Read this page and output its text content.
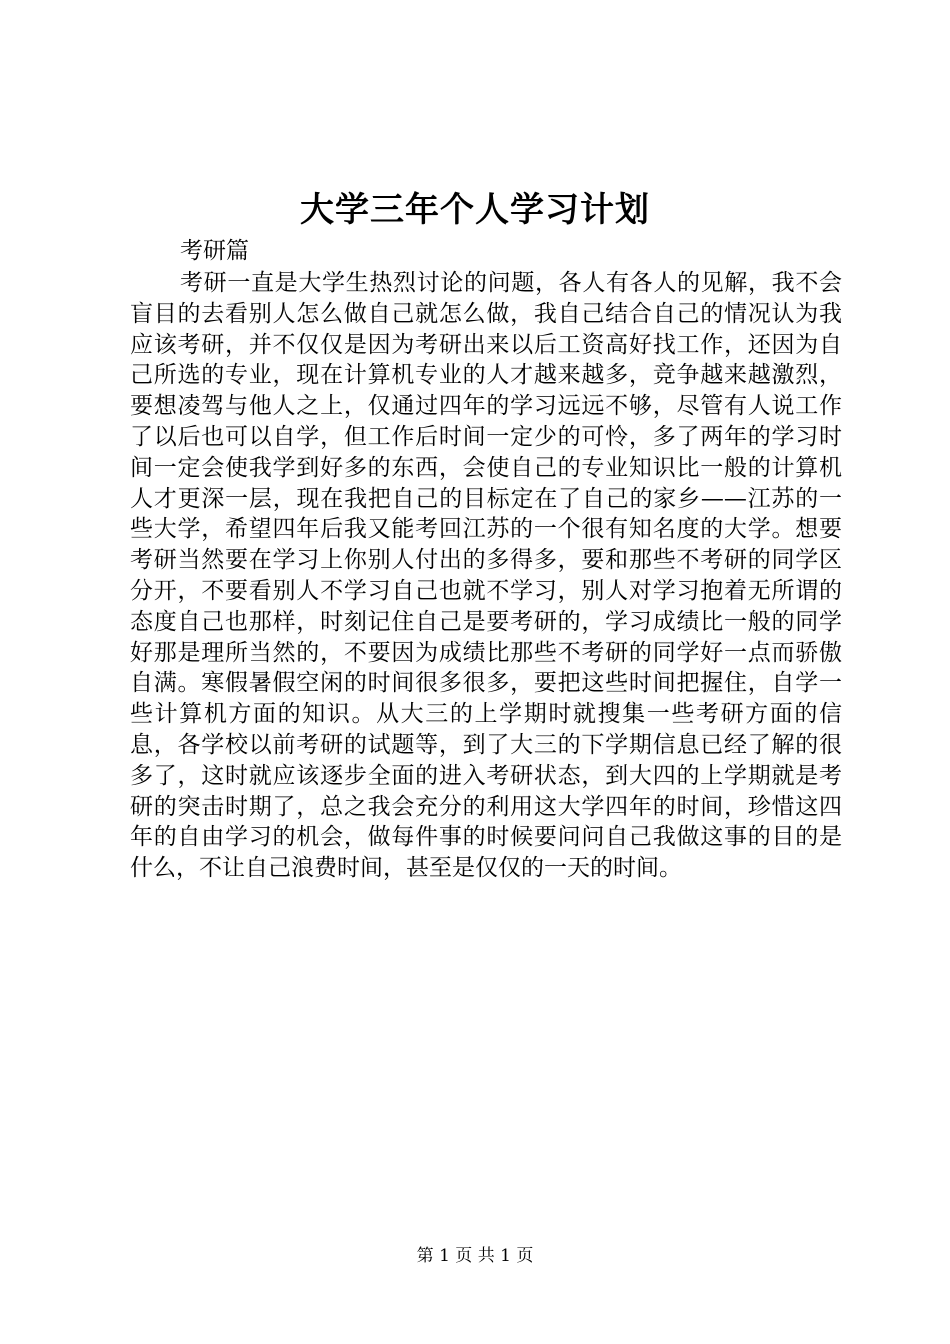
大学三年个人学习计划
考研篇

考研一直是大学生热烈讨论的问题，各人有各人的见解，我不会盲目的去看别人怎么做自己就怎么做，我自己结合自己的情况认为我应该考研，并不仅仅是因为考研出来以后工资高好找工作，还因为自己所选的专业，现在计算机专业的人才越来越多，竞争越来越激烈，要想凌驾与他人之上，仅通过四年的学习远远不够，尽管有人说工作了以后也可以自学，但工作后时间一定少的可怜，多了两年的学习时间一定会使我学到好多的东西，会使自己的专业知识比一般的计算机人才更深一层，现在我把自己的目标定在了自己的家乡——江苏的一些大学，希望四年后我又能考回江苏的一个很有知名度的大学。想要考研当然要在学习上你别人付出的多得多，要和那些不考研的同学区分开，不要看别人不学习自己也就不学习，别人对学习抱着无所谓的态度自己也那样，时刻记住自己是要考研的，学习成绩比一般的同学好那是理所当然的，不要因为成绩比那些不考研的同学好一点而骄傲自满。寒假暑假空闲的时间很多很多，要把这些时间把握住，自学一些计算机方面的知识。从大三的上学期时就搜集一些考研方面的信息，各学校以前考研的试题等，到了大三的下学期信息已经了解的很多了，这时就应该逐步全面的进入考研状态，到大四的上学期就是考研的突击时期了，总之我会充分的利用这大学四年的时间，珍惜这四年的自由学习的机会，做每件事的时候要问问自己我做这事的目的是什么，不让自己浪费时间，甚至是仅仅的一天的时间。

第 1 页 共 1 页
